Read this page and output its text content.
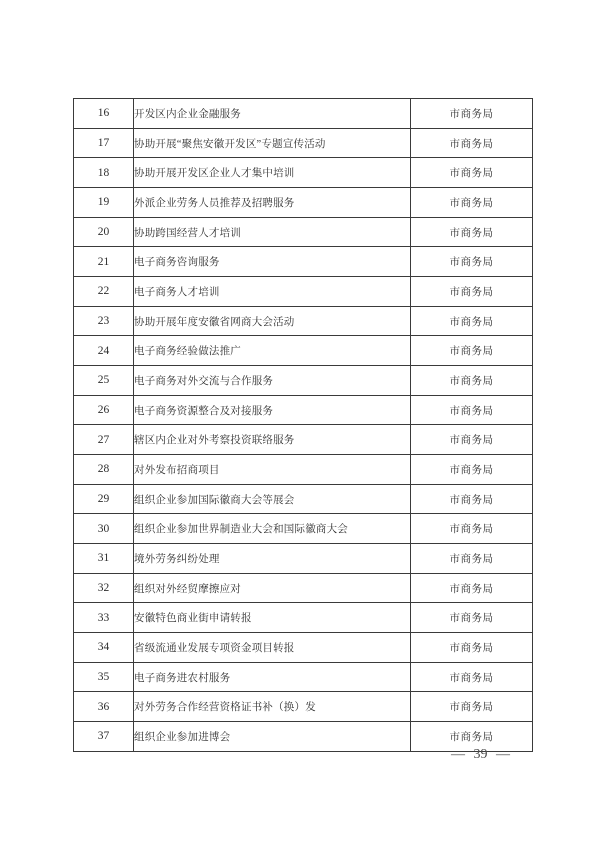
16	开发区内企业金融服务	市商务局
17	协助开展“聚焦安徽开发区”专题宣传活动	市商务局
18	协助开展开发区企业人才集中培训	市商务局
19	外派企业劳务人员推荐及招聘服务	市商务局
20	协助跨国经营人才培训	市商务局
21	电子商务咨询服务	市商务局
22	电子商务人才培训	市商务局
23	协助开展年度安徽省网商大会活动	市商务局
24	电子商务经验做法推广	市商务局
25	电子商务对外交流与合作服务	市商务局
26	电子商务资源整合及对接服务	市商务局
27	辖区内企业对外考察投资联络服务	市商务局
28	对外发布招商项目	市商务局
29	组织企业参加国际徽商大会等展会	市商务局
30	组织企业参加世界制造业大会和国际徽商大会	市商务局
31	境外劳务纠纷处理	市商务局
32	组织对外经贸摩擦应对	市商务局
33	安徽特色商业街申请转报	市商务局
34	省级流通业发展专项资金项目转报	市商务局
35	电子商务进农村服务	市商务局
36	对外劳务合作经营资格证书补（换）发	市商务局
37	组织企业参加进博会	市商务局
— 39 —
